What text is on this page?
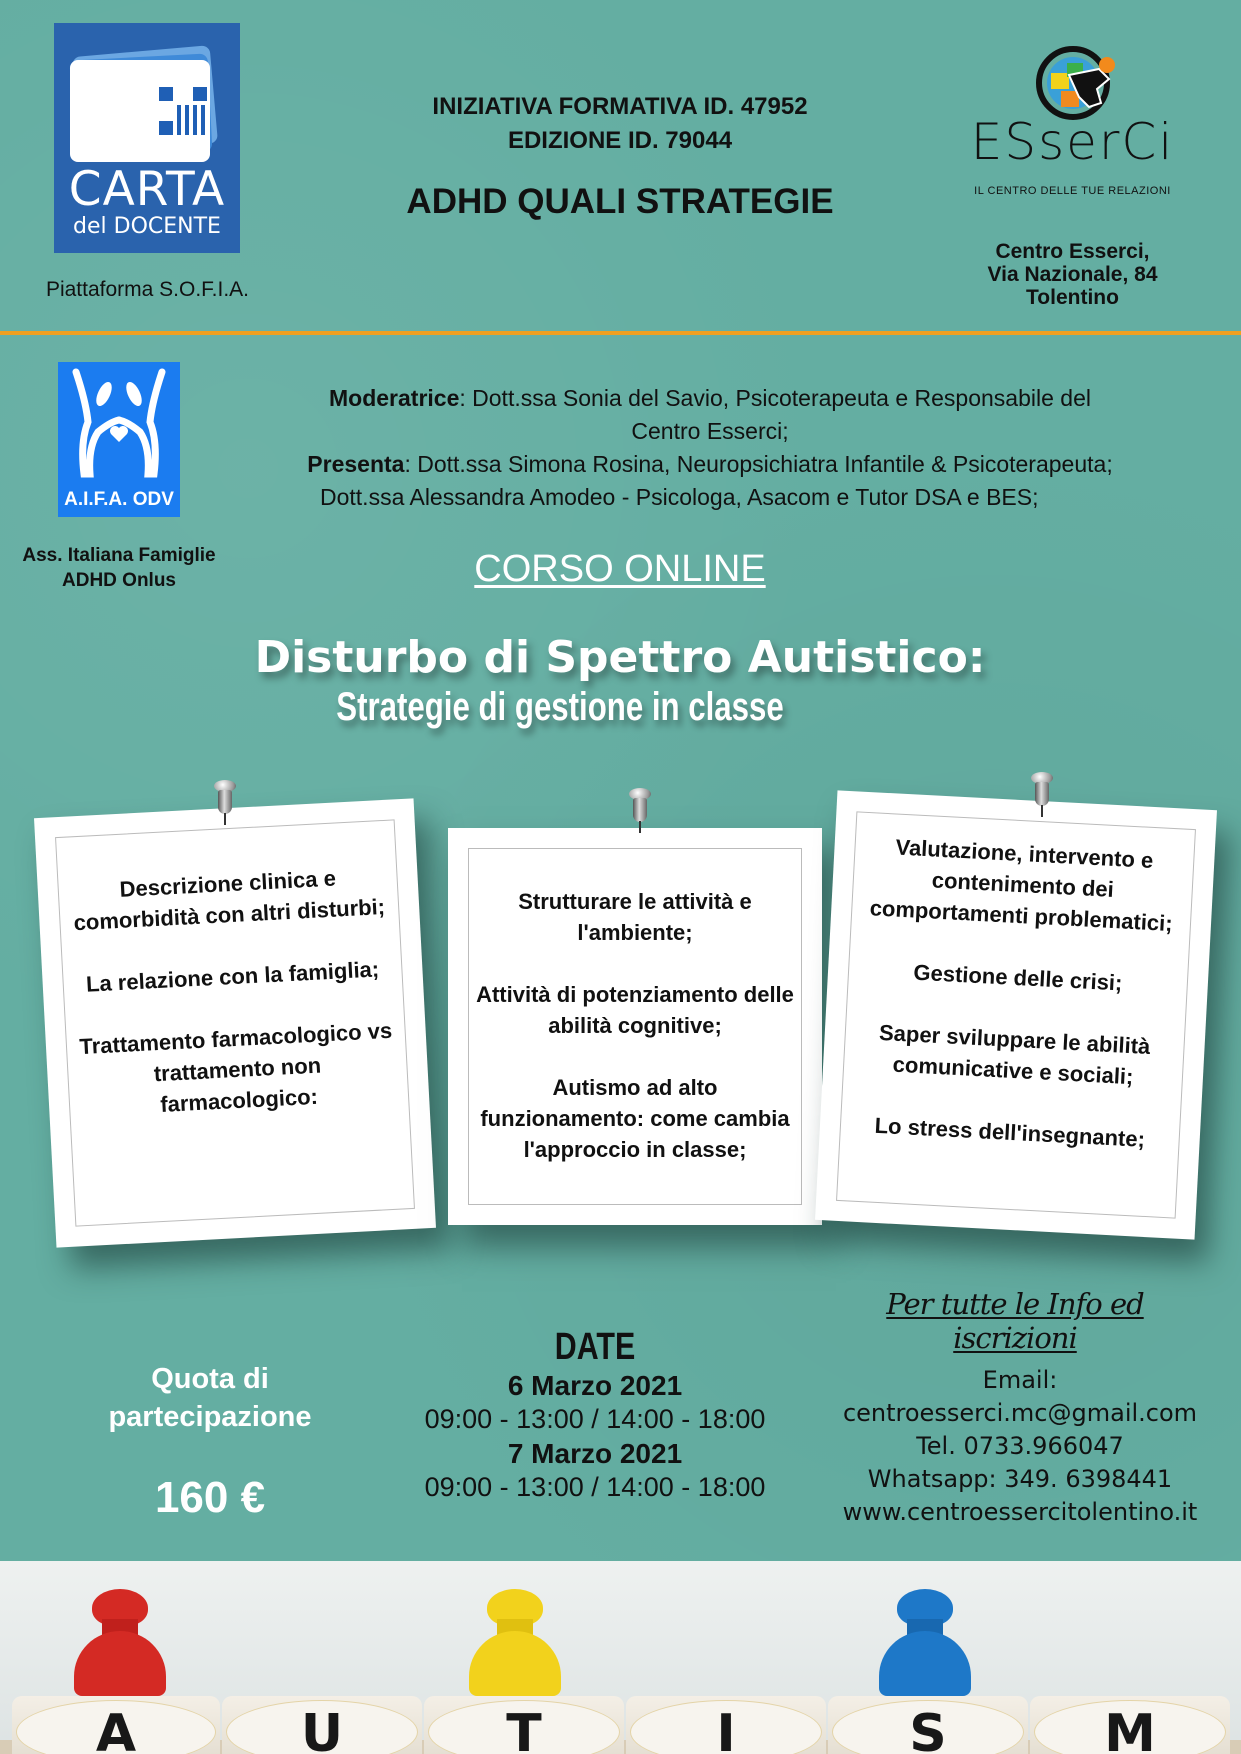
CARTA
del DOCENTE
Piattaforma S.O.F.I.A.
INIZIATIVA FORMATIVA ID. 47952
EDIZIONE ID. 79044
ADHD QUALI STRATEGIE
ESserCi
IL CENTRO DELLE TUE RELAZIONI
Centro Esserci,
Via Nazionale, 84
Tolentino
A.I.F.A. ODV
Ass. Italiana Famiglie
ADHD Onlus
Moderatrice: Dott.ssa Sonia del Savio, Psicoterapeuta e Responsabile del
Centro Esserci;
Presenta: Dott.ssa Simona Rosina, Neuropsichiatra Infantile & Psicoterapeuta;
Dott.ssa Alessandra Amodeo - Psicologa, Asacom e Tutor DSA e BES;
CORSO ONLINE
Disturbo di Spettro Autistico:
Strategie di gestione in classe

Descrizione clinica e comorbidità con altri disturbi;

La relazione con la famiglia;

Trattamento farmacologico vs trattamento non farmacologico:

Strutturare le attività e l'ambiente;

Attività di potenziamento delle abilità cognitive;

Autismo ad alto funzionamento: come cambia l'approccio in classe;

Valutazione, intervento e contenimento dei comportamenti problematici;

Gestione delle crisi;

Saper sviluppare le abilità comunicative e sociali;

Lo stress dell'insegnante;

Quota di
partecipazione
160 €
DATE
6 Marzo 2021
09:00 - 13:00 / 14:00 - 18:00
7 Marzo 2021
09:00 - 13:00 / 14:00 - 18:00
Per tutte le Info ed iscrizioni
Email:
centroesserci.mc@gmail.com
Tel. 0733.966047
Whatsapp: 349. 6398441
www.centroessercitolentino.it
A	U	T	I	S	M
